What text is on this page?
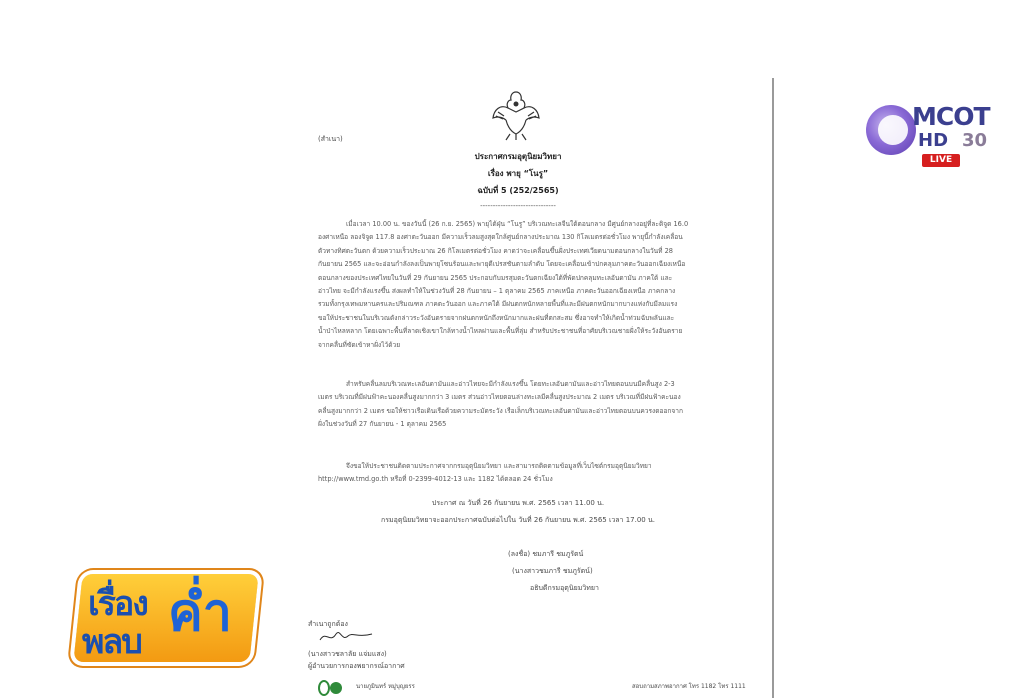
(สำเนา)
ประกาศกรมอุตุนิยมวิทยา
เรื่อง พายุ “โนรู”
ฉบับที่ 5 (252/2565)
------------------------------
เมื่อเวลา 10.00 น. ของวันนี้ (26 ก.ย. 2565) พายุไต้ฝุ่น “โนรู” บริเวณทะเลจีนใต้ตอนกลาง มีศูนย์กลางอยู่ที่ละติจูด 16.0
องศาเหนือ ลองจิจูด 117.8 องศาตะวันออก มีความเร็วลมสูงสุดใกล้ศูนย์กลางประมาณ 130 กิโลเมตรต่อชั่วโมง พายุนี้กำลังเคลื่อน
ตัวทางทิศตะวันตก ด้วยความเร็วประมาณ 26 กิโลเมตรต่อชั่วโมง คาดว่าจะเคลื่อนขึ้นฝั่งประเทศเวียดนามตอนกลางในวันที่ 28
กันยายน 2565 และจะอ่อนกำลังลงเป็นพายุโซนร้อนและพายุดีเปรสชันตามลำดับ โดยจะเคลื่อนเข้าปกคลุมภาคตะวันออกเฉียงเหนือ
ตอนกลางของประเทศไทยในวันที่ 29 กันยายน 2565 ประกอบกับมรสุมตะวันตกเฉียงใต้ที่พัดปกคลุมทะเลอันดามัน ภาคใต้ และ
อ่าวไทย จะมีกำลังแรงขึ้น ส่งผลทำให้ในช่วงวันที่ 28 กันยายน – 1 ตุลาคม 2565 ภาคเหนือ ภาคตะวันออกเฉียงเหนือ ภาคกลาง
รวมทั้งกรุงเทพมหานครและปริมณฑล ภาคตะวันออก และภาคใต้ มีฝนตกหนักหลายพื้นที่และมีฝนตกหนักมากบางแห่งกับมีลมแรง
ขอให้ประชาชนในบริเวณดังกล่าวระวังอันตรายจากฝนตกหนักถึงหนักมากและฝนที่ตกสะสม ซึ่งอาจทำให้เกิดน้ำท่วมฉับพลันและ
น้ำป่าไหลหลาก โดยเฉพาะพื้นที่ลาดเชิงเขาใกล้ทางน้ำไหลผ่านและพื้นที่ลุ่ม สำหรับประชาชนที่อาศัยบริเวณชายฝั่งให้ระวังอันตราย
จากคลื่นที่ซัดเข้าหาฝั่งไว้ด้วย
สำหรับคลื่นลมบริเวณทะเลอันดามันและอ่าวไทยจะมีกำลังแรงขึ้น โดยทะเลอันดามันและอ่าวไทยตอนบนมีคลื่นสูง 2-3
เมตร บริเวณที่มีฝนฟ้าคะนองคลื่นสูงมากกว่า 3 เมตร ส่วนอ่าวไทยตอนล่างทะเลมีคลื่นสูงประมาณ 2 เมตร บริเวณที่มีฝนฟ้าคะนอง
คลื่นสูงมากกว่า 2 เมตร ขอให้ชาวเรือเดินเรือด้วยความระมัดระวัง เรือเล็กบริเวณทะเลอันดามันและอ่าวไทยตอนบนควรงดออกจาก
ฝั่งในช่วงวันที่ 27 กันยายน - 1 ตุลาคม 2565
จึงขอให้ประชาชนติดตามประกาศจากกรมอุตุนิยมวิทยา และสามารถติดตามข้อมูลที่เว็บไซต์กรมอุตุนิยมวิทยา
http://www.tmd.go.th หรือที่ 0-2399-4012-13 และ 1182 ได้ตลอด 24 ชั่วโมง
ประกาศ ณ วันที่ 26 กันยายน พ.ศ. 2565 เวลา 11.00 น.
กรมอุตุนิยมวิทยาจะออกประกาศฉบับต่อไปใน วันที่ 26 กันยายน พ.ศ. 2565 เวลา 17.00 น.
(ลงชื่อ) ชมภารี ชมภูรัตน์
(นางสาวชมภารี ชมภูรัตน์)
อธิบดีกรมอุตุนิยมวิทยา
สำเนาถูกต้อง
(นางสาวชลาลัย แจ่มแสง)
ผู้อำนวยการกองพยากรณ์อากาศ
นายภูมินทร์ หมู่บุญยรร	สอบถามสภาพอากาศ โทร 1182 โทร 1111
MCOT
HD 30
LIVE
เรื่อง
พลบ ค่ำ
